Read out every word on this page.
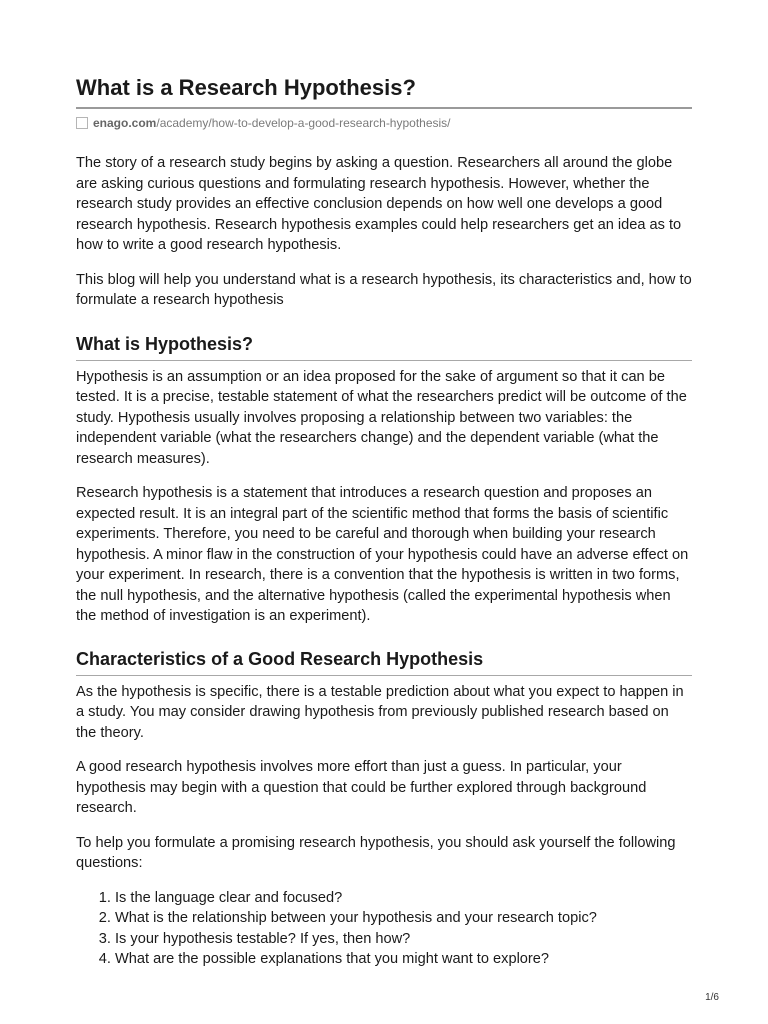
What is a Research Hypothesis?
enago.com /academy/how-to-develop-a-good-research-hypothesis/

The story of a research study begins by asking a question. Researchers all around the globe are asking curious questions and formulating research hypothesis. However, whether the research study provides an effective conclusion depends on how well one develops a good research hypothesis. Research hypothesis examples could help researchers get an idea as to how to write a good research hypothesis.

This blog will help you understand what is a research hypothesis, its characteristics and, how to formulate a research hypothesis

What is Hypothesis?

Hypothesis is an assumption or an idea proposed for the sake of argument so that it can be tested. It is a precise, testable statement of what the researchers predict will be outcome of the study. Hypothesis usually involves proposing a relationship between two variables: the independent variable (what the researchers change) and the dependent variable (what the research measures).

Research hypothesis is a statement that introduces a research question and proposes an expected result. It is an integral part of the scientific method that forms the basis of scientific experiments. Therefore, you need to be careful and thorough when building your research hypothesis. A minor flaw in the construction of your hypothesis could have an adverse effect on your experiment. In research, there is a convention that the hypothesis is written in two forms, the null hypothesis, and the alternative hypothesis (called the experimental hypothesis when the method of investigation is an experiment).

Characteristics of a Good Research Hypothesis

As the hypothesis is specific, there is a testable prediction about what you expect to happen in a study. You may consider drawing hypothesis from previously published research based on the theory.

A good research hypothesis involves more effort than just a guess. In particular, your hypothesis may begin with a question that could be further explored through background research.

To help you formulate a promising research hypothesis, you should ask yourself the following questions:

1. Is the language clear and focused?
2. What is the relationship between your hypothesis and your research topic?
3. Is your hypothesis testable? If yes, then how?
4. What are the possible explanations that you might want to explore?
1/6
